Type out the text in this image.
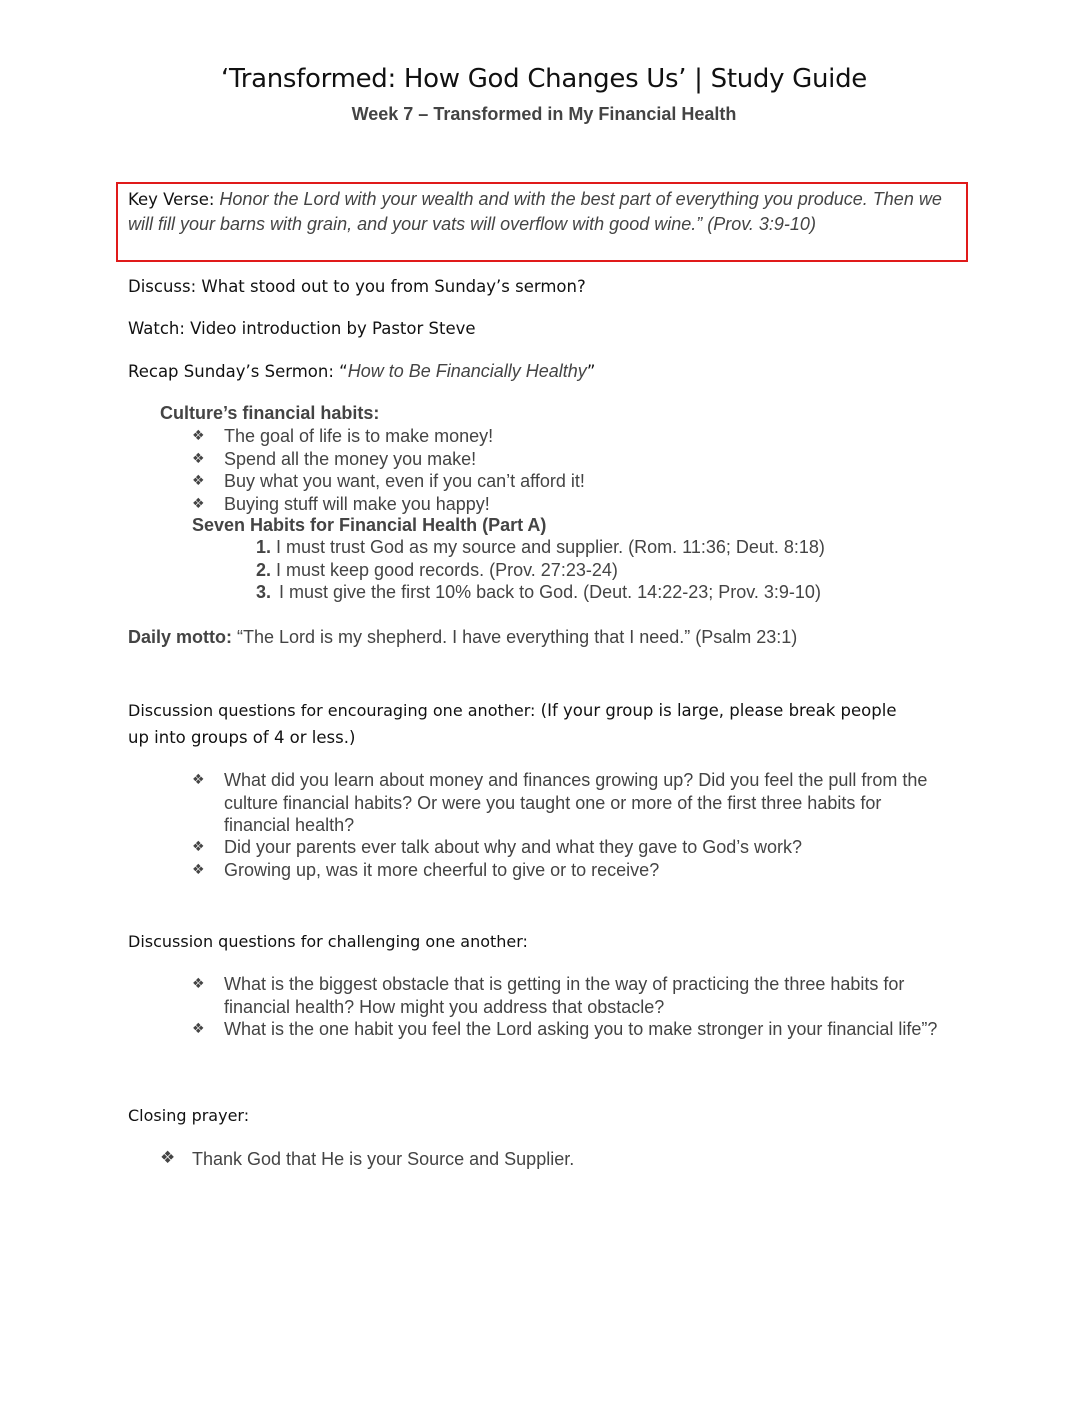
‘Transformed: How God Changes Us’ | Study Guide
Week 7 – Transformed in My Financial Health
Key Verse: Honor the Lord with your wealth and with the best part of everything you produce. Then we will fill your barns with grain, and your vats will overflow with good wine.” (Prov. 3:9-10)
Discuss: What stood out to you from Sunday’s sermon?
Watch: Video introduction by Pastor Steve
Recap Sunday’s Sermon: “How to Be Financially Healthy”
Culture’s financial habits:
❖ The goal of life is to make money!
❖ Spend all the money you make!
❖ Buy what you want, even if you can’t afford it!
❖ Buying stuff will make you happy!
Seven Habits for Financial Health (Part A)
1. I must trust God as my source and supplier. (Rom. 11:36; Deut. 8:18)
2. I must keep good records. (Prov. 27:23-24)
3. I must give the first 10% back to God. (Deut. 14:22-23; Prov. 3:9-10)
Daily motto: “The Lord is my shepherd. I have everything that I need.” (Psalm 23:1)
Discussion questions for encouraging one another: (If your group is large, please break people
up into groups of 4 or less.)
❖ What did you learn about money and finances growing up? Did you feel the pull from the culture financial habits? Or were you taught one or more of the first three habits for financial health?
❖ Did your parents ever talk about why and what they gave to God’s work?
❖ Growing up, was it more cheerful to give or to receive?
Discussion questions for challenging one another:
❖ What is the biggest obstacle that is getting in the way of practicing the three habits for financial health? How might you address that obstacle?
❖ What is the one habit you feel the Lord asking you to make stronger in your financial life”?
Closing prayer:
❖ Thank God that He is your Source and Supplier.
